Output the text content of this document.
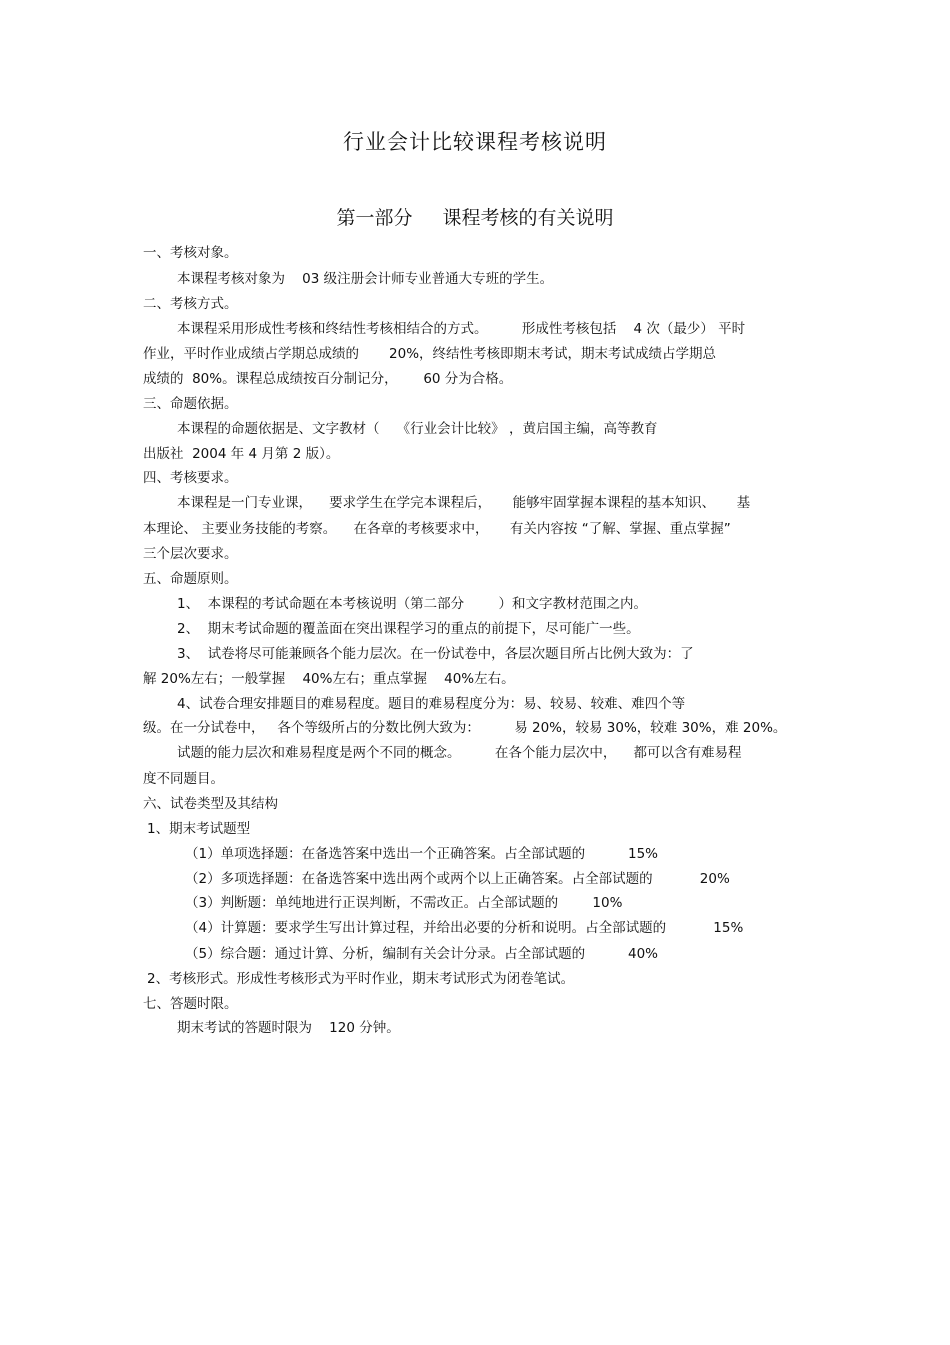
行业会计比较课程考核说明
第一部分 课程考核的有关说明
一、考核对象。
本课程考核对象为    03 级注册会计师专业普通大专班的学生。
二、考核方式。
本课程采用形成性考核和终结性考核相结合的方式。        形成性考核包括    4 次（最少） 平时
作业，平时作业成绩占学期总成绩的       20%，终结性考核即期末考试，期末考试成绩占学期总
成绩的  80%。课程总成绩按百分制记分，      60 分为合格。
三、命题依据。
本课程的命题依据是、文字教材（    《行业会计比较》 ，黄启国主编，高等教育
出版社  2004 年 4 月第 2 版）。
四、考核要求。
本课程是一门专业课，    要求学生在学完本课程后，     能够牢固掌握本课程的基本知识、     基
本理论、 主要业务技能的考察。    在各章的考核要求中，     有关内容按 “了解、掌握、重点掌握”
三个层次要求。
五、命题原则。
1、  本课程的考试命题在本考核说明（第二部分        ）和文字教材范围之内。
2、  期末考试命题的覆盖面在突出课程学习的重点的前提下，尽可能广一些。
3、  试卷将尽可能兼顾各个能力层次。在一份试卷中，各层次题目所占比例大致为：了
解 20%左右；一般掌握    40%左右；重点掌握    40%左右。
4、试卷合理安排题目的难易程度。题目的难易程度分为：易、较易、较难、难四个等
级。在一分试卷中，   各个等级所占的分数比例大致为：        易 20%，较易 30%，较难 30%，难 20%。
试题的能力层次和难易程度是两个不同的概念。        在各个能力层次中，    都可以含有难易程
度不同题目。
六、试卷类型及其结构
1、期末考试题型
（1）单项选择题：在备选答案中选出一个正确答案。占全部试题的          15%
（2）多项选择题：在备选答案中选出两个或两个以上正确答案。占全部试题的           20%
（3）判断题：单纯地进行正误判断，不需改正。占全部试题的        10%
（4）计算题：要求学生写出计算过程，并给出必要的分析和说明。占全部试题的           15%
（5）综合题：通过计算、分析，编制有关会计分录。占全部试题的          40%
2、考核形式。形成性考核形式为平时作业，期末考试形式为闭卷笔试。
七、答题时限。
期末考试的答题时限为    120 分钟。
